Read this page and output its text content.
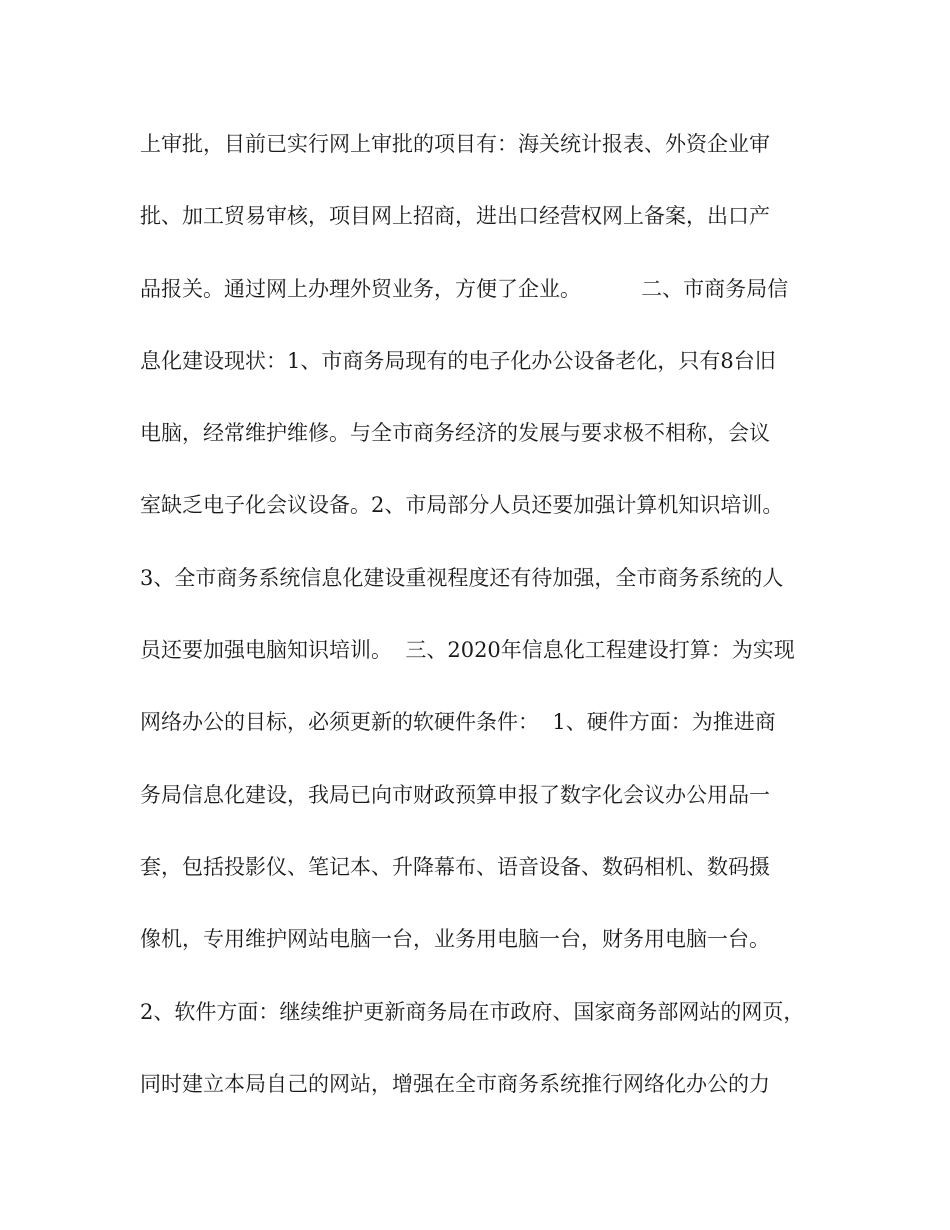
上审批，目前已实行网上审批的项目有：海关统计报表、外资企业审
批、加工贸易审核，项目网上招商，进出口经营权网上备案，出口产
品报关。通过网上办理外贸业务，方便了企业。         二、市商务局信
息化建设现状：1、市商务局现有的电子化办公设备老化，只有8台旧
电脑，经常维护维修。与全市商务经济的发展与要求极不相称，会议
室缺乏电子化会议设备。2、市局部分人员还要加强计算机知识培训。
3、全市商务系统信息化建设重视程度还有待加强，全市商务系统的人
员还要加强电脑知识培训。  三、2020年信息化工程建设打算：为实现
网络办公的目标，必须更新的软硬件条件：  1、硬件方面：为推进商
务局信息化建设，我局已向市财政预算申报了数字化会议办公用品一
套，包括投影仪、笔记本、升降幕布、语音设备、数码相机、数码摄
像机，专用维护网站电脑一台，业务用电脑一台，财务用电脑一台。
2、软件方面：继续维护更新商务局在市政府、国家商务部网站的网页，
同时建立本局自己的网站，增强在全市商务系统推行网络化办公的力
